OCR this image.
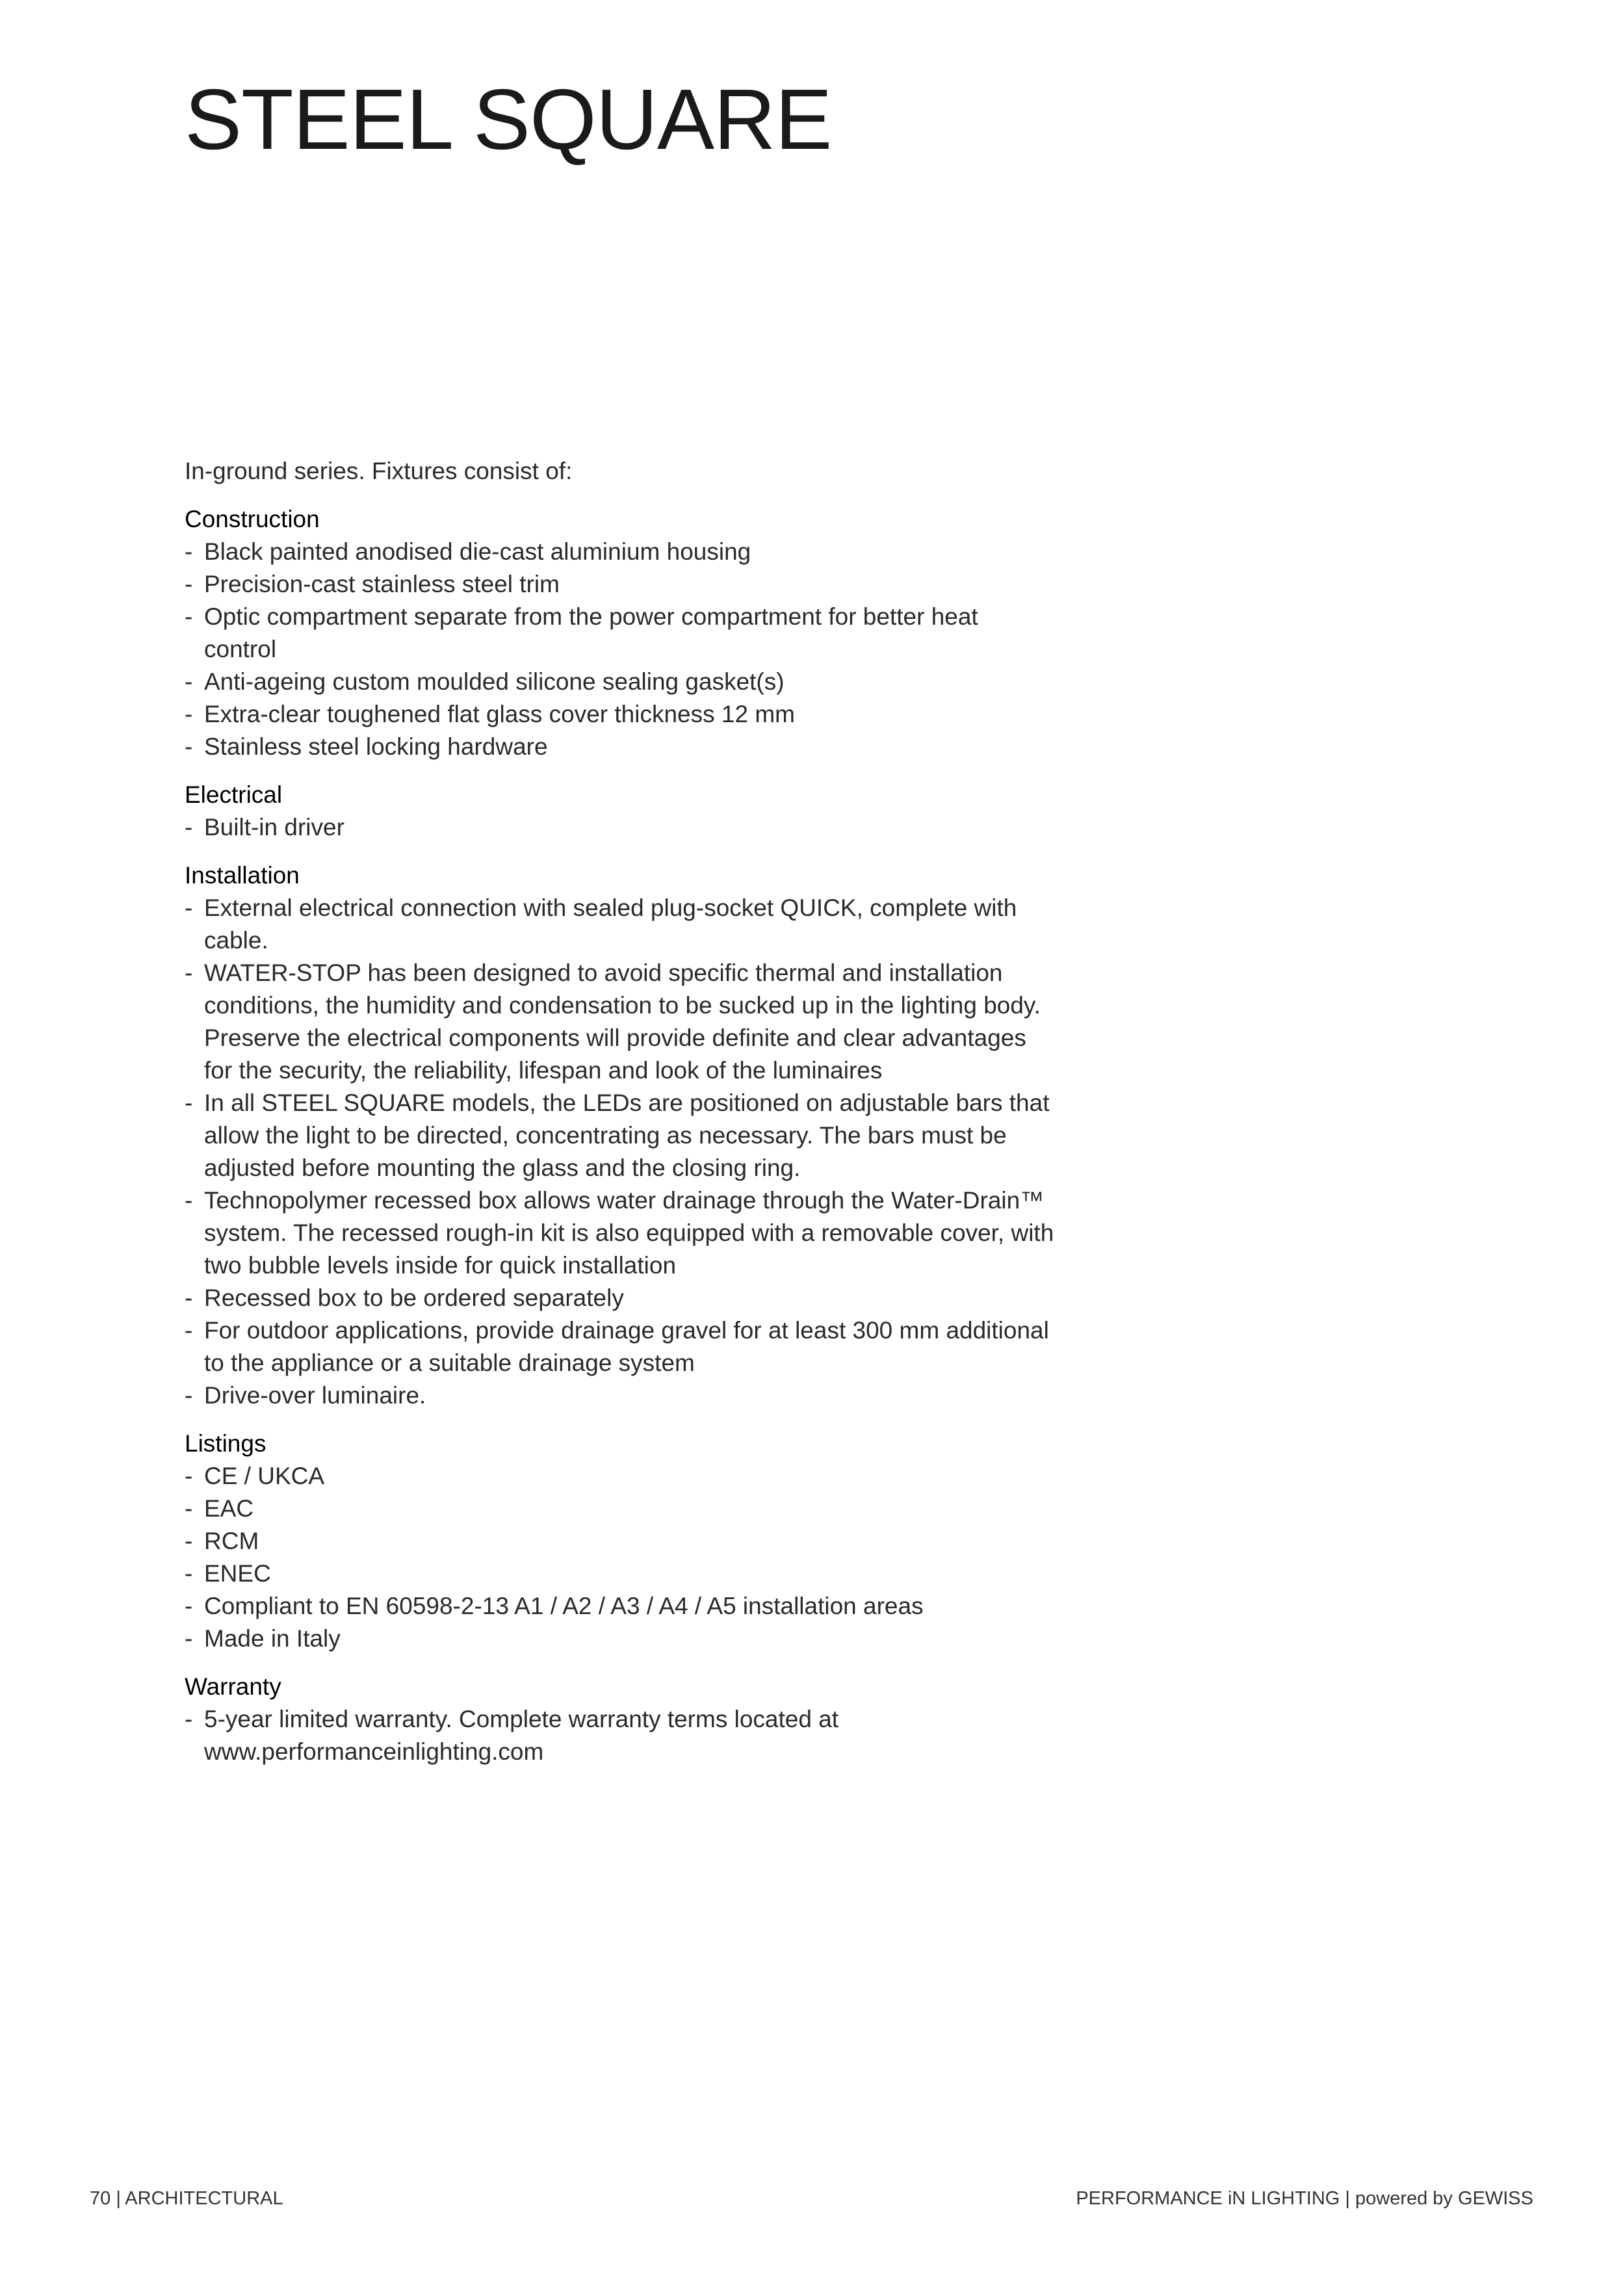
STEEL SQUARE

In-ground series. Fixtures consist of:

Construction
- Black painted anodised die-cast aluminium housing
- Precision-cast stainless steel trim
- Optic compartment separate from the power compartment for better heat control
- Anti-ageing custom moulded silicone sealing gasket(s)
- Extra-clear toughened flat glass cover thickness 12 mm
- Stainless steel locking hardware
Electrical
- Built-in driver
Installation
- External electrical connection with sealed plug-socket QUICK, complete with cable.
- WATER-STOP has been designed to avoid specific thermal and installation conditions, the humidity and condensation to be sucked up in the lighting body. Preserve the electrical components will provide definite and clear advantages for the security, the reliability, lifespan and look of the luminaires
- In all STEEL SQUARE models, the LEDs are positioned on adjustable bars that allow the light to be directed, concentrating as necessary. The bars must be adjusted before mounting the glass and the closing ring.
- Technopolymer recessed box allows water drainage through the Water-Drain™ system. The recessed rough-in kit is also equipped with a removable cover, with two bubble levels inside for quick installation
- Recessed box to be ordered separately
- For outdoor applications, provide drainage gravel for at least 300 mm additional to the appliance or a suitable drainage system
- Drive-over luminaire.
Listings
- CE / UKCA
- EAC
- RCM
- ENEC
- Compliant to EN 60598-2-13 A1 / A2 / A3 / A4 / A5 installation areas
- Made in Italy
Warranty
- 5-year limited warranty. Complete warranty terms located at www.performanceinlighting.com
70 | ARCHITECTURAL	PERFORMANCE iN LIGHTING | powered by GEWISS
